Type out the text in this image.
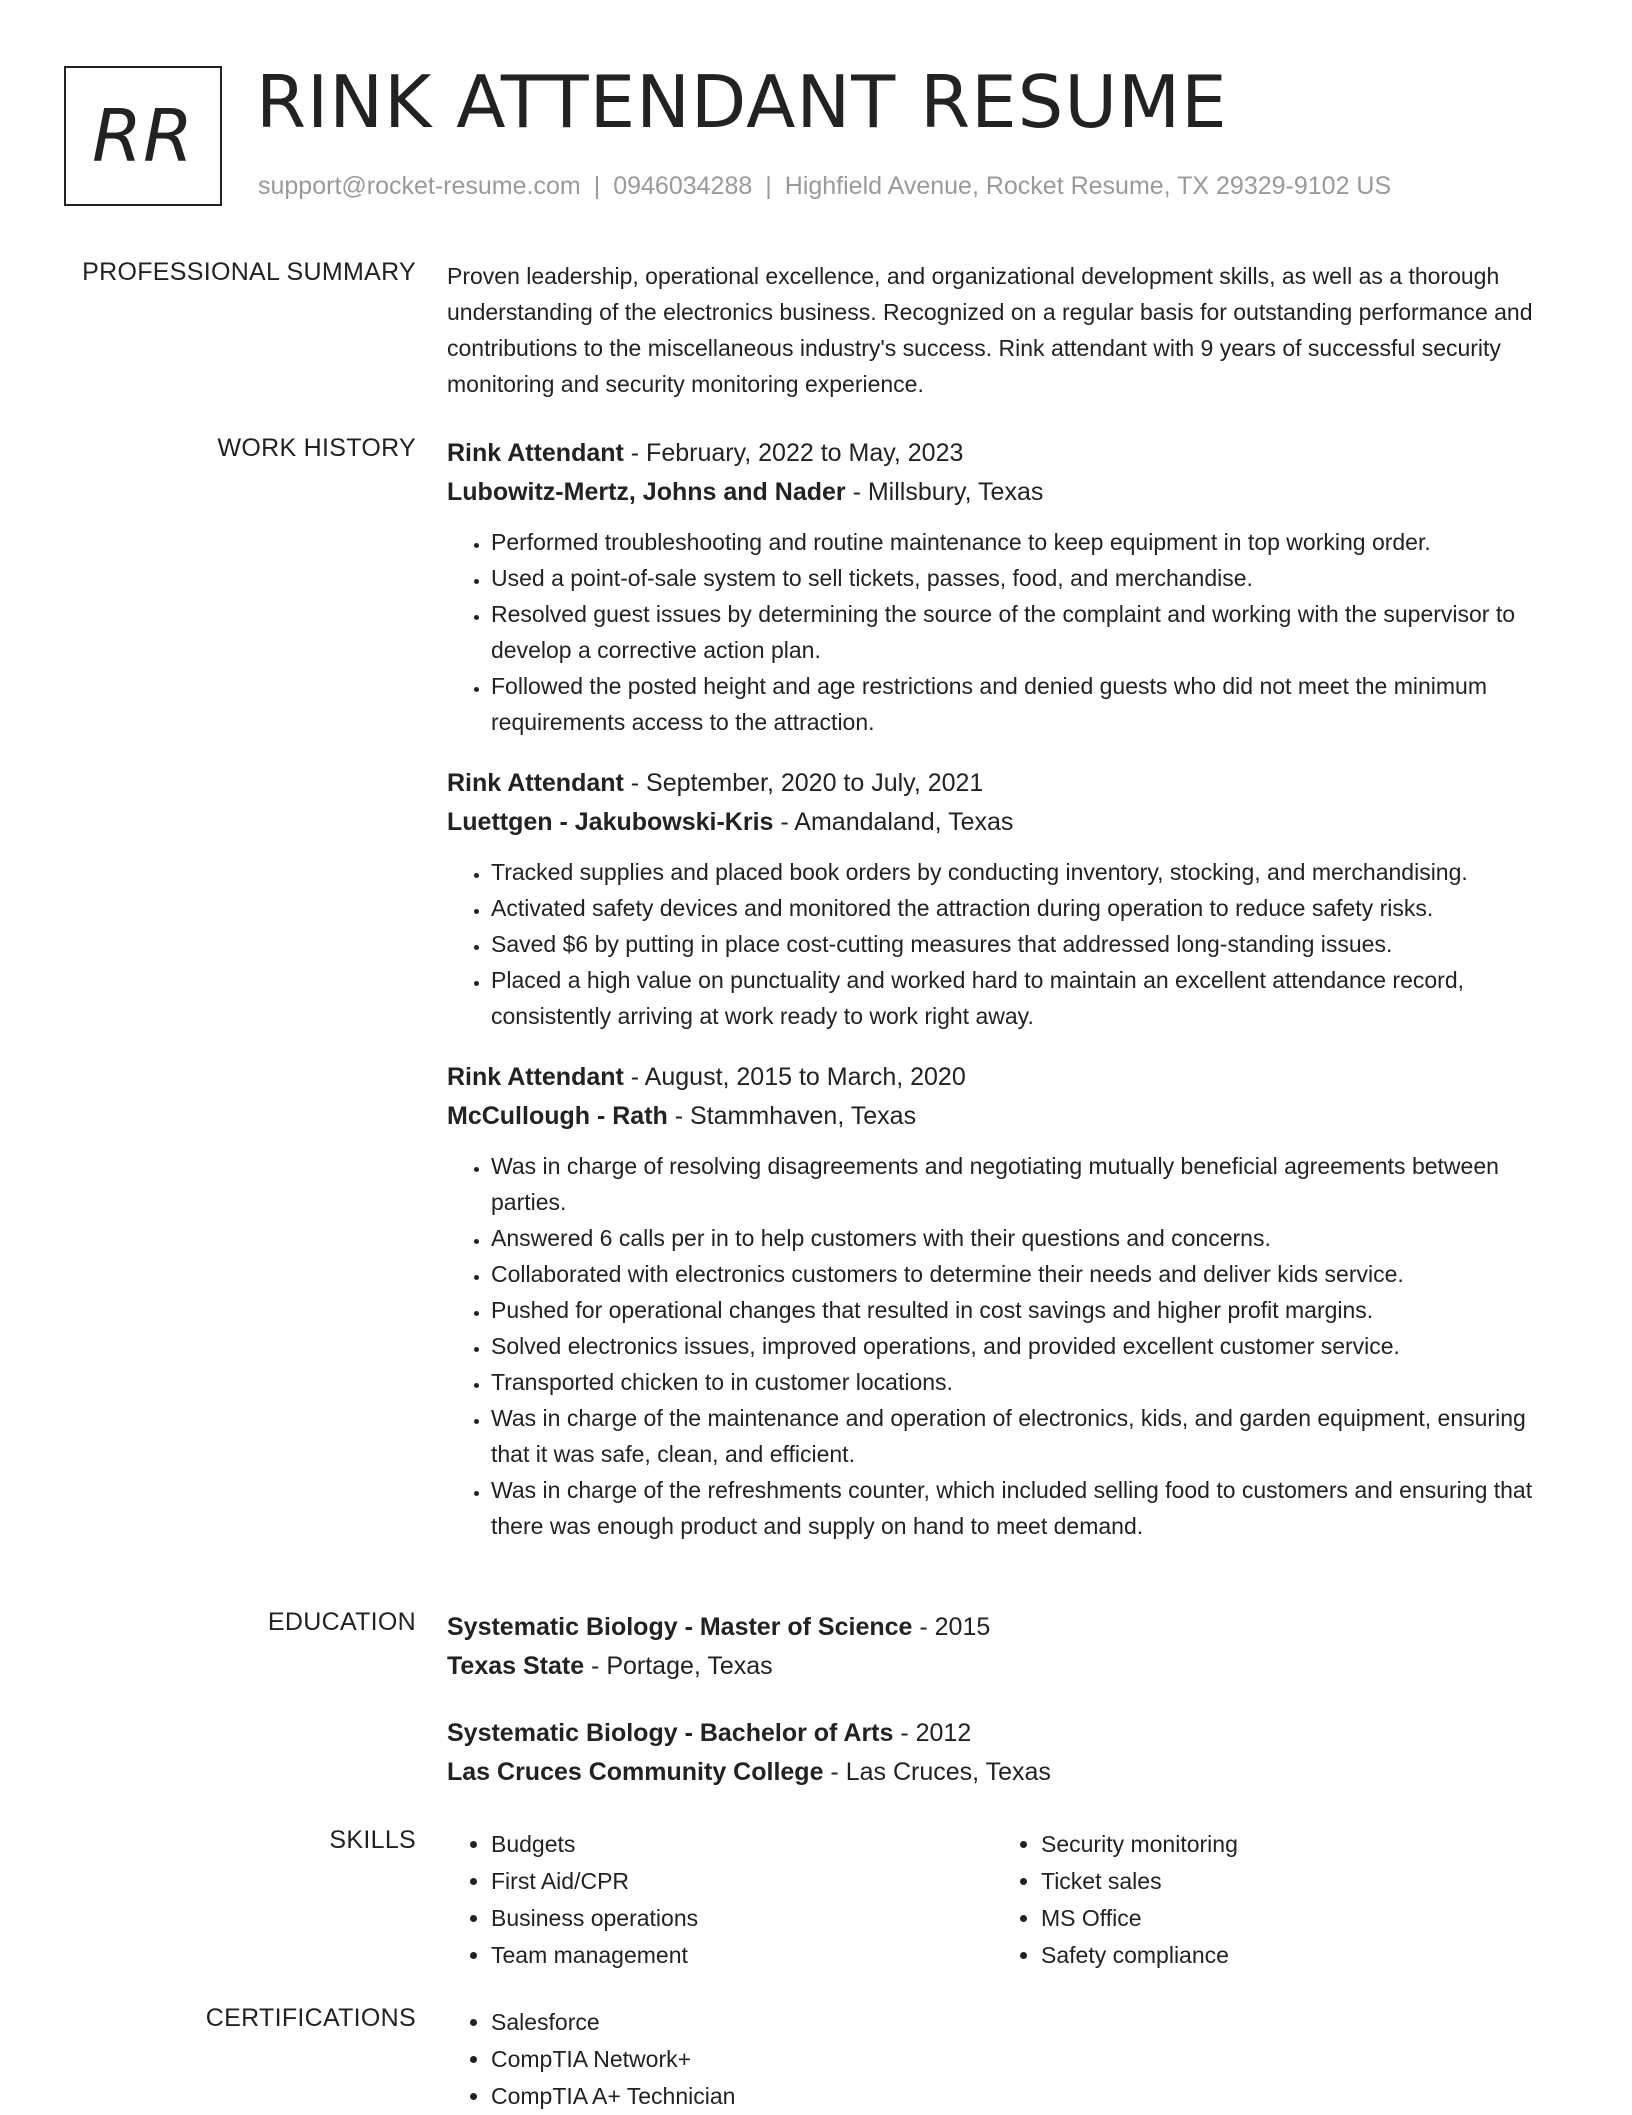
RR RINK ATTENDANT RESUME
support@rocket-resume.com | 0946034288 | Highfield Avenue, Rocket Resume, TX 29329-9102 US
PROFESSIONAL SUMMARY Proven leadership, operational excellence, and organizational development skills, as well as a thorough understanding of the electronics business. Recognized on a regular basis for outstanding performance and contributions to the miscellaneous industry's success. Rink attendant with 9 years of successful security monitoring and security monitoring experience.

WORK HISTORY Rink Attendant - February, 2022 to May, 2023
Lubowitz-Mertz, Johns and Nader - Millsbury, Texas
• Performed troubleshooting and routine maintenance to keep equipment in top working order.
• Used a point-of-sale system to sell tickets, passes, food, and merchandise.
• Resolved guest issues by determining the source of the complaint and working with the supervisor to develop a corrective action plan.
• Followed the posted height and age restrictions and denied guests who did not meet the minimum requirements access to the attraction.
Rink Attendant - September, 2020 to July, 2021
Luettgen - Jakubowski-Kris - Amandaland, Texas
• Tracked supplies and placed book orders by conducting inventory, stocking, and merchandising.
• Activated safety devices and monitored the attraction during operation to reduce safety risks.
• Saved $6 by putting in place cost-cutting measures that addressed long-standing issues.
• Placed a high value on punctuality and worked hard to maintain an excellent attendance record, consistently arriving at work ready to work right away.
Rink Attendant - August, 2015 to March, 2020
McCullough - Rath - Stammhaven, Texas
• Was in charge of resolving disagreements and negotiating mutually beneficial agreements between parties.
• Answered 6 calls per in to help customers with their questions and concerns.
• Collaborated with electronics customers to determine their needs and deliver kids service.
• Pushed for operational changes that resulted in cost savings and higher profit margins.
• Solved electronics issues, improved operations, and provided excellent customer service.
• Transported chicken to in customer locations.
• Was in charge of the maintenance and operation of electronics, kids, and garden equipment, ensuring that it was safe, clean, and efficient.
• Was in charge of the refreshments counter, which included selling food to customers and ensuring that there was enough product and supply on hand to meet demand.
EDUCATION Systematic Biology - Master of Science - 2015
Texas State - Portage, Texas
Systematic Biology - Bachelor of Arts - 2012
Las Cruces Community College - Las Cruces, Texas
SKILLS	• Budgets
• First Aid/CPR
• Business operations
• Team management
• Security monitoring
• Ticket sales
• MS Office
• Safety compliance
CERTIFICATIONS	• Salesforce
• CompTIA Network+
• CompTIA A+ Technician
